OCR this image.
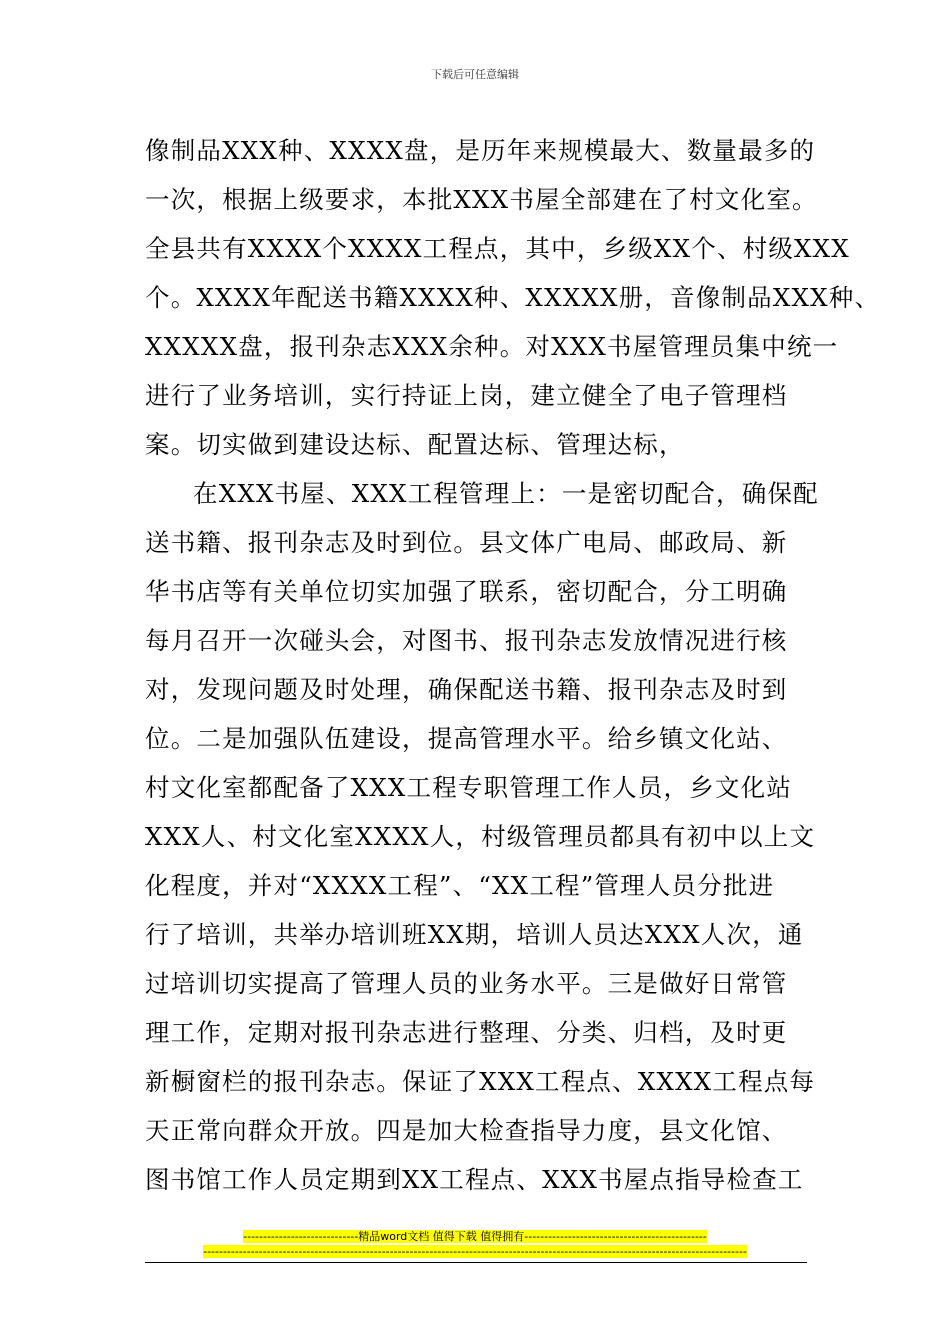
下载后可任意编辑
像制品XXX种、XXXX盘，是历年来规模最大、数量最多的
一次，根据上级要求，本批XXX书屋全部建在了村文化室。
全县共有XXXX个XXXX工程点，其中，乡级XX个、村级XXX
个。XXXX年配送书籍XXXX种、XXXXX册，音像制品XXX种、
XXXXX盘，报刊杂志XXX余种。对XXX书屋管理员集中统一
进行了业务培训，实行持证上岗，建立健全了电子管理档
案。切实做到建设达标、配置达标、管理达标，
在XXX书屋、XXX工程管理上：一是密切配合，确保配
送书籍、报刊杂志及时到位。县文体广电局、邮政局、新
华书店等有关单位切实加强了联系，密切配合，分工明确
每月召开一次碰头会，对图书、报刊杂志发放情况进行核
对，发现问题及时处理，确保配送书籍、报刊杂志及时到
位。二是加强队伍建设，提高管理水平。给乡镇文化站、
村文化室都配备了XXX工程专职管理工作人员，乡文化站
XXX人、村文化室XXXX人，村级管理员都具有初中以上文
化程度，并对“XXXX工程”、“XX工程”管理人员分批进
行了培训，共举办培训班XX期，培训人员达XXX人次，通
过培训切实提高了管理人员的业务水平。三是做好日常管
理工作，定期对报刊杂志进行整理、分类、归档，及时更
新橱窗栏的报刊杂志。保证了XXX工程点、XXXX工程点每
天正常向群众开放。四是加大检查指导力度，县文化馆、
图书馆工作人员定期到XX工程点、XXX书屋点指导检查工
-----------------------------精品word文档 值得下载 值得拥有----------------------------------------------
-----------------------------------------------------------------------------------------------------------------------------------------
